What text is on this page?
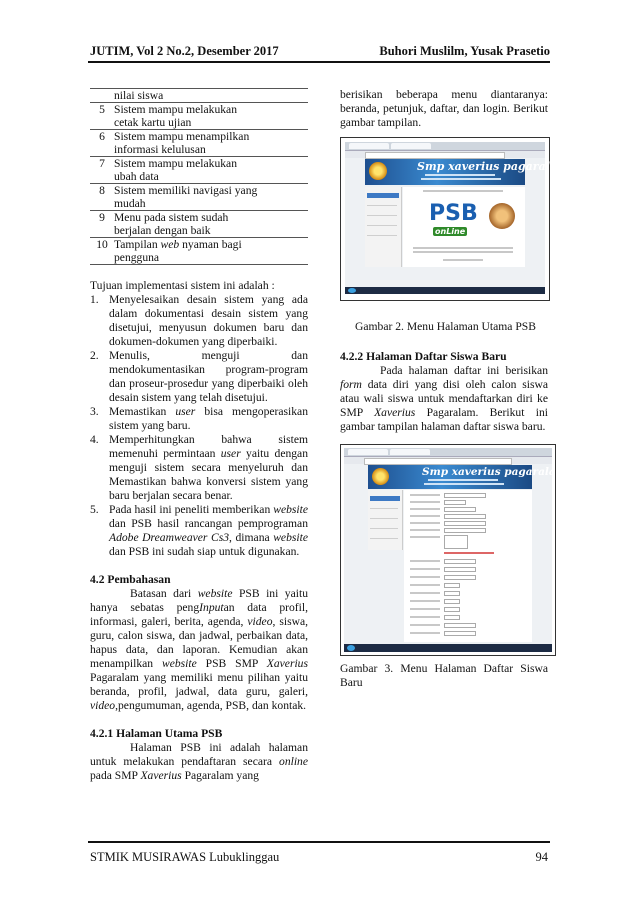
JUTIM, Vol 2 No.2, Desember 2017	Buhori Muslilm, Yusak Prasetio
	nilai siswa
5	Sistem mampu melakukan
cetak kartu ujian
6	Sistem mampu menampilkan
informasi kelulusan
7	Sistem mampu melakukan
ubah data
8	Sistem memiliki navigasi yang
mudah
9	Menu pada sistem sudah
berjalan dengan baik
10	Tampilan web nyaman bagi
pengguna

Tujuan implementasi sistem ini adalah :

1. Menyelesaikan desain sistem yang ada dalam dokumentasi desain sistem yang disetujui, menyusun dokumen baru dan dokumen-dokumen yang diperbaiki.
2. Menulis, menguji dan mendokumentasikan program-program dan proseur-prosedur yang diperbaiki oleh desain sistem yang telah disetujui.
3. Memastikan user bisa mengoperasikan sistem yang baru.
4. Memperhitungkan bahwa sistem memenuhi permintaan user yaitu dengan menguji sistem secara menyeluruh dan Memastikan bahwa konversi sistem yang baru berjalan secara benar.
5. Pada hasil ini peneliti memberikan website dan PSB hasil rancangan pemprograman Adobe Dreamweaver Cs3, dimana website dan PSB ini sudah siap untuk digunakan.
4.2 Pembahasan

Batasan dari website PSB ini yaitu hanya sebatas pengInputan data profil, informasi, galeri, berita, agenda, video, siswa, guru, calon siswa, dan jadwal, perbaikan data, hapus data, dan laporan. Kemudian akan menampilkan website PSB SMP Xaverius Pagaralam yang memiliki menu pilihan yaitu beranda, profil, jadwal, data guru, galeri, video,pengumuman, agenda, PSB, dan kontak.

4.2.1 Halaman Utama PSB

Halaman PSB ini adalah halaman untuk melakukan pendaftaran secara online pada SMP Xaverius Pagaralam yang

berisikan beberapa menu diantaranya: beranda, petunjuk, daftar, dan login. Berikut gambar tampilan.

Smp xaverius pagaralam
PSB
onLine
Gambar 2. Menu Halaman Utama PSB
4.2.2 Halaman Daftar Siswa Baru

Pada halaman daftar ini berisikan form data diri yang disi oleh calon siswa atau wali siswa untuk mendaftarkan diri ke SMP Xaverius Pagaralam. Berikut ini gambar tampilan halaman daftar siswa baru.

Smp xaverius pagaralam
Gambar 3. Menu Halaman Daftar Siswa Baru
STMIK MUSIRAWAS Lubuklinggau	94
